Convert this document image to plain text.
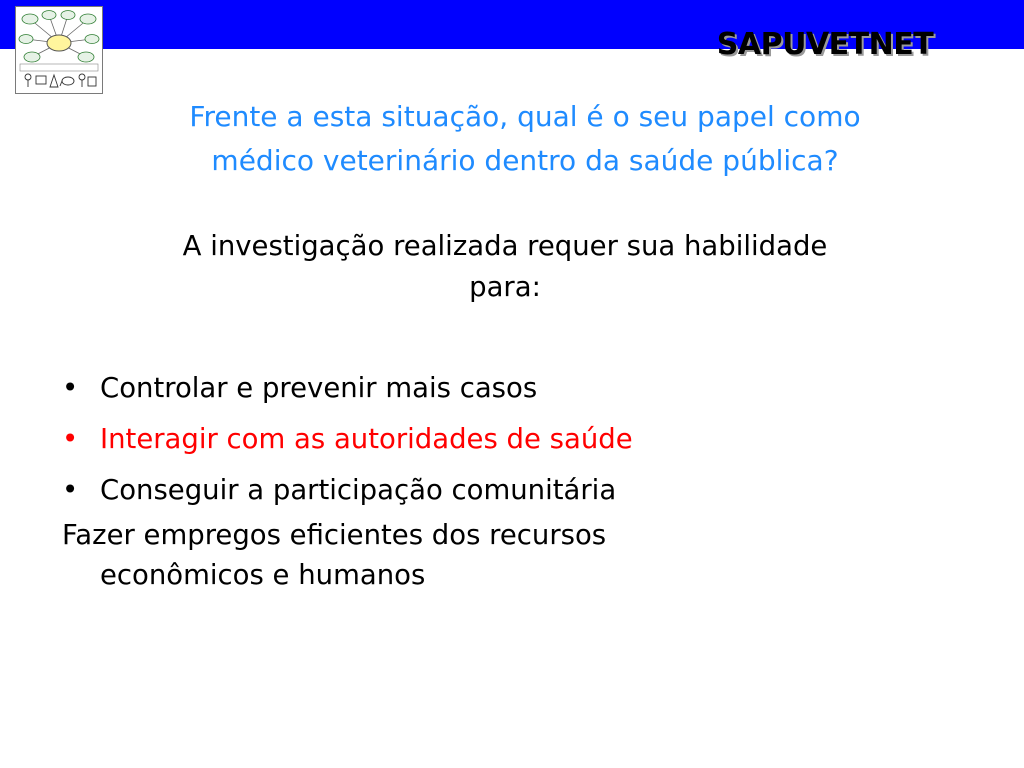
SAPUVETNET
Frente a esta situação, qual é o seu papel como
médico veterinário dentro da saúde pública?
A investigação realizada requer sua habilidade
para:
• Controlar e prevenir mais casos
• Interagir com as autoridades de saúde
• Conseguir a participação comunitária
Fazer empregos eficientes dos recursos
econômicos e humanos
